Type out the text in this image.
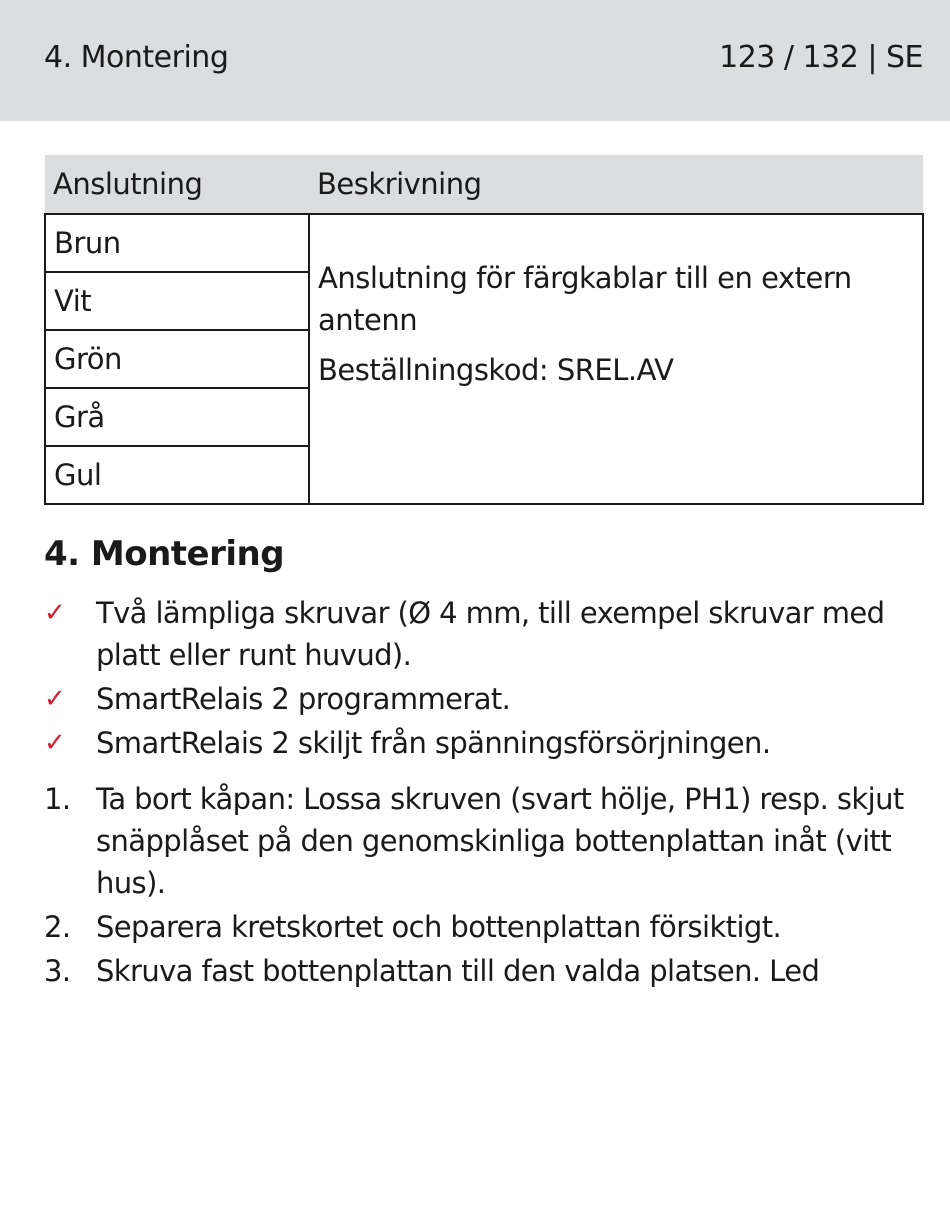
4. Montering	123 / 132 | SE
Anslutning	Beskrivning
Brun	Anslutning för färgkablar till en extern antenn
Beställningskod: SREL.AV

Vit	
Grön	
Grå	
Gul	
4. Montering
✓ Två lämpliga skruvar (Ø 4 mm, till exempel skruvar med platt eller runt huvud).
✓ SmartRelais 2 programmerat.
✓ SmartRelais 2 skiljt från spänningsförsörjningen.
1. Ta bort kåpan: Lossa skruven (svart hölje, PH1) resp. skjut snäpplåset på den genomskinliga bottenplattan inåt (vitt hus).
2. Separera kretskortet och bottenplattan försiktigt.
3. Skruva fast bottenplattan till den valda platsen. Led
